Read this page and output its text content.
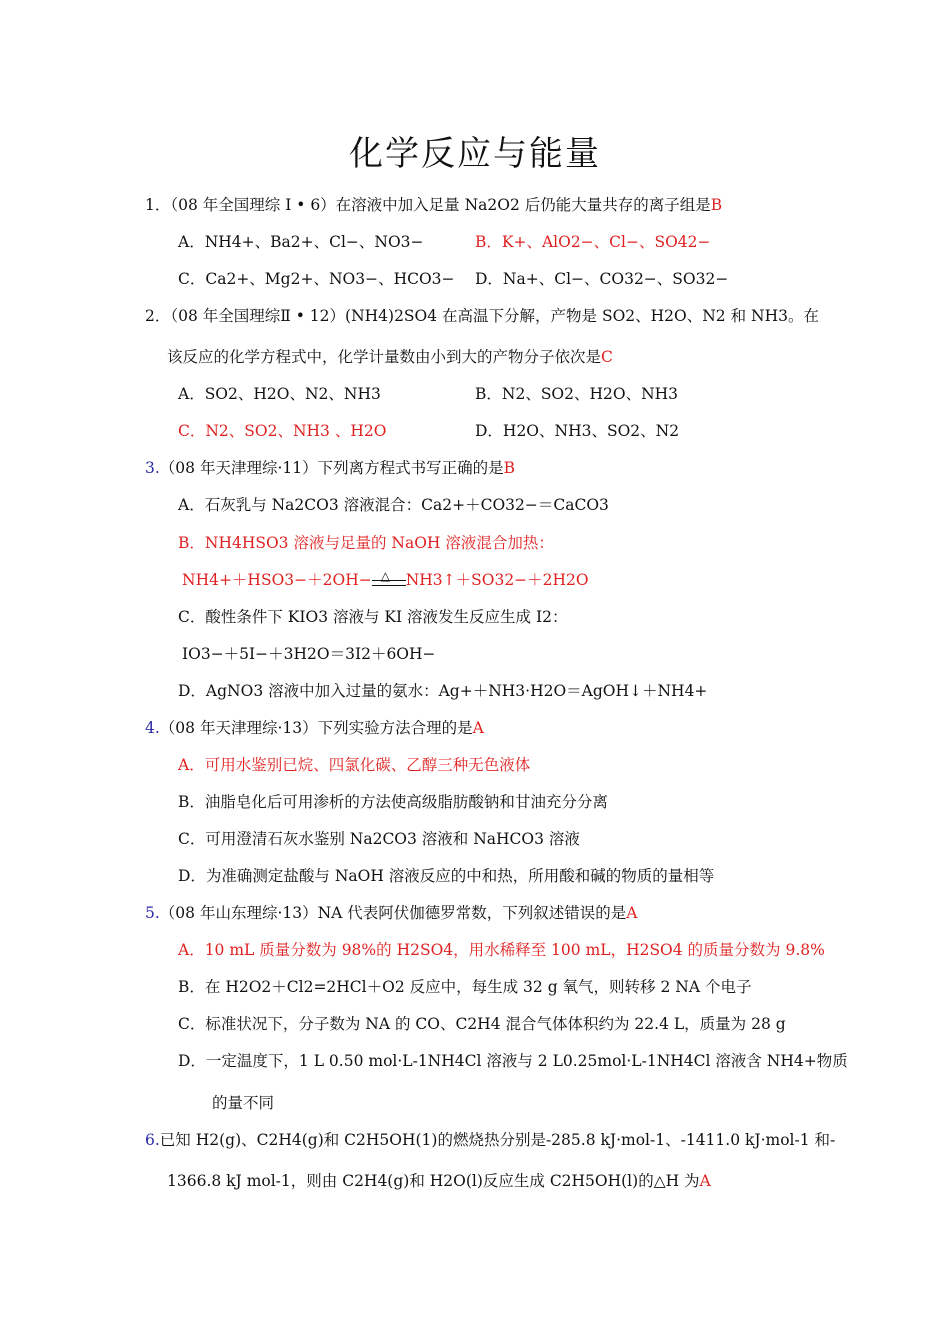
化学反应与能量
1．（08 年全国理综 I • 6）在溶液中加入足量 Na2O2 后仍能大量共存的离子组是B
A．NH4+、Ba2+、Cl−、NO3−	B．K+、AlO2−、Cl−、SO42−
C．Ca2+、Mg2+、NO3−、HCO3− D．Na+、Cl−、CO32−、SO32−
2．（08 年全国理综Ⅱ • 12）(NH4)2SO4 在高温下分解，产物是 SO2、H2O、N2 和 NH3。在
该反应的化学方程式中，化学计量数由小到大的产物分子依次是C
A．SO2、H2O、N2、NH3	B．N2、SO2、H2O、NH3
C．N2、SO2、NH3 、H2O	D．H2O、NH3、SO2、N2
3.（08 年天津理综·11）下列离方程式书写正确的是B
A．石灰乳与 Na2CO3 溶液混合：Ca2+＋CO32−＝CaCO3
B．NH4HSO3 溶液与足量的 NaOH 溶液混合加热：
NH4+＋HSO3−＋2OH− △ NH3↑＋SO32−＋2H2O
C．酸性条件下 KIO3 溶液与 KI 溶液发生反应生成 I2：
IO3−＋5I−＋3H2O＝3I2＋6OH−
D．AgNO3 溶液中加入过量的氨水：Ag+＋NH3·H2O＝AgOH↓＋NH4+
4.（08 年天津理综·13）下列实验方法合理的是A
A．可用水鉴别已烷、四氯化碳、乙醇三种无色液体
B．油脂皂化后可用渗析的方法使高级脂肪酸钠和甘油充分分离
C．可用澄清石灰水鉴别 Na2CO3 溶液和 NaHCO3 溶液
D．为准确测定盐酸与 NaOH 溶液反应的中和热，所用酸和碱的物质的量相等
5.（08 年山东理综·13）NA 代表阿伏伽德罗常数，下列叙述错误的是A
A．10 mL 质量分数为 98%的 H2SO4，用水稀释至 100 mL，H2SO4 的质量分数为 9.8%
B．在 H2O2＋Cl2=2HCl＋O2 反应中，每生成 32 g 氧气，则转移 2 NA 个电子
C．标准状况下，分子数为 NA 的 CO、C2H4 混合气体体积约为 22.4 L，质量为 28 g
D．一定温度下，1 L 0.50 mol·L-1NH4Cl 溶液与 2 L0.25mol·L-1NH4Cl 溶液含 NH4+物质
的量不同
6.已知 H2(g)、C2H4(g)和 C2H5OH(1)的燃烧热分别是-285.8 kJ·mol-1、-1411.0 kJ·mol-1 和-
1366.8 kJ mol-1，则由 C2H4(g)和 H2O(l)反应生成 C2H5OH(l)的△H 为A
